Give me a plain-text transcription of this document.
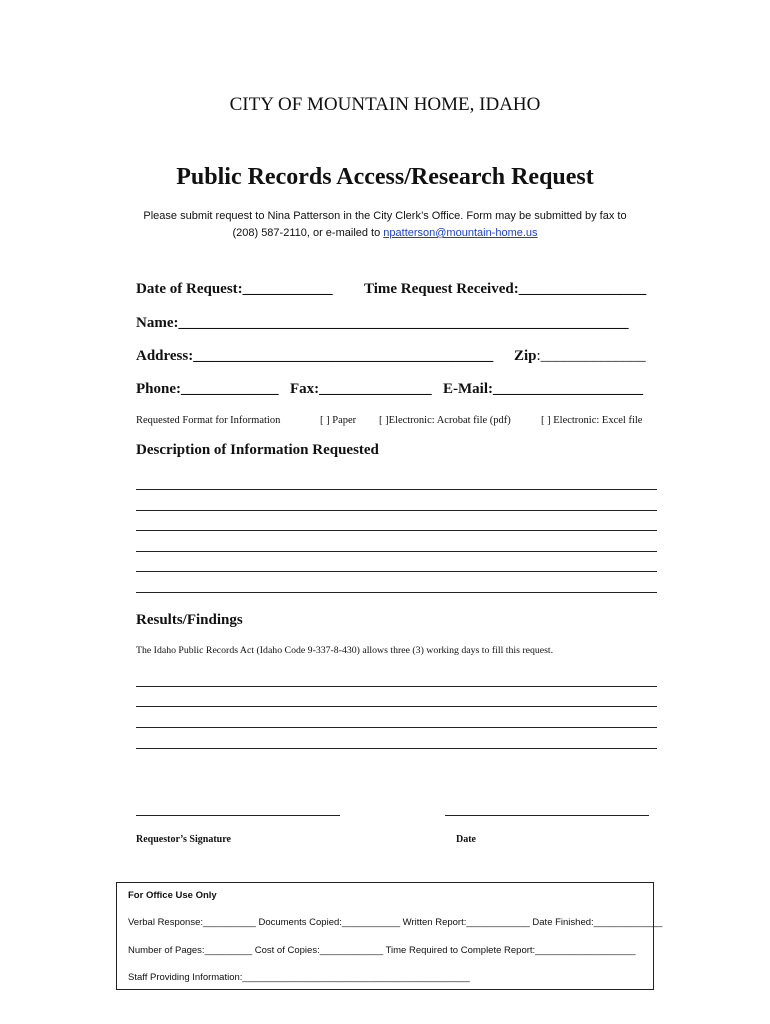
CITY OF MOUNTAIN HOME, IDAHO
Public Records Access/Research Request
Please submit request to Nina Patterson in the City Clerk’s Office. Form may be submitted by fax to
(208) 587-2110, or e-mailed to npatterson@mountain-home.us
Date of Request:____________ Time Request Received:_________________
Name:____________________________________________________________
Address:________________________________________ Zip:______________
Phone:_____________ Fax:_______________ E-Mail:____________________
Requested Format for Information	[ ] Paper [ ]Electronic: Acrobat file (pdf)	[ ] Electronic: Excel file
Description of Information Requested
Results/Findings
The Idaho Public Records Act (Idaho Code 9-337-8-430) allows three (3) working days to fill this request.
Requestor’s Signature	Date
For Office Use Only
Verbal Response:__________ Documents Copied:___________ Written Report:____________ Date Finished:_____________
Number of Pages:_________ Cost of Copies:____________ Time Required to Complete Report:___________________
Staff Providing Information:___________________________________________
